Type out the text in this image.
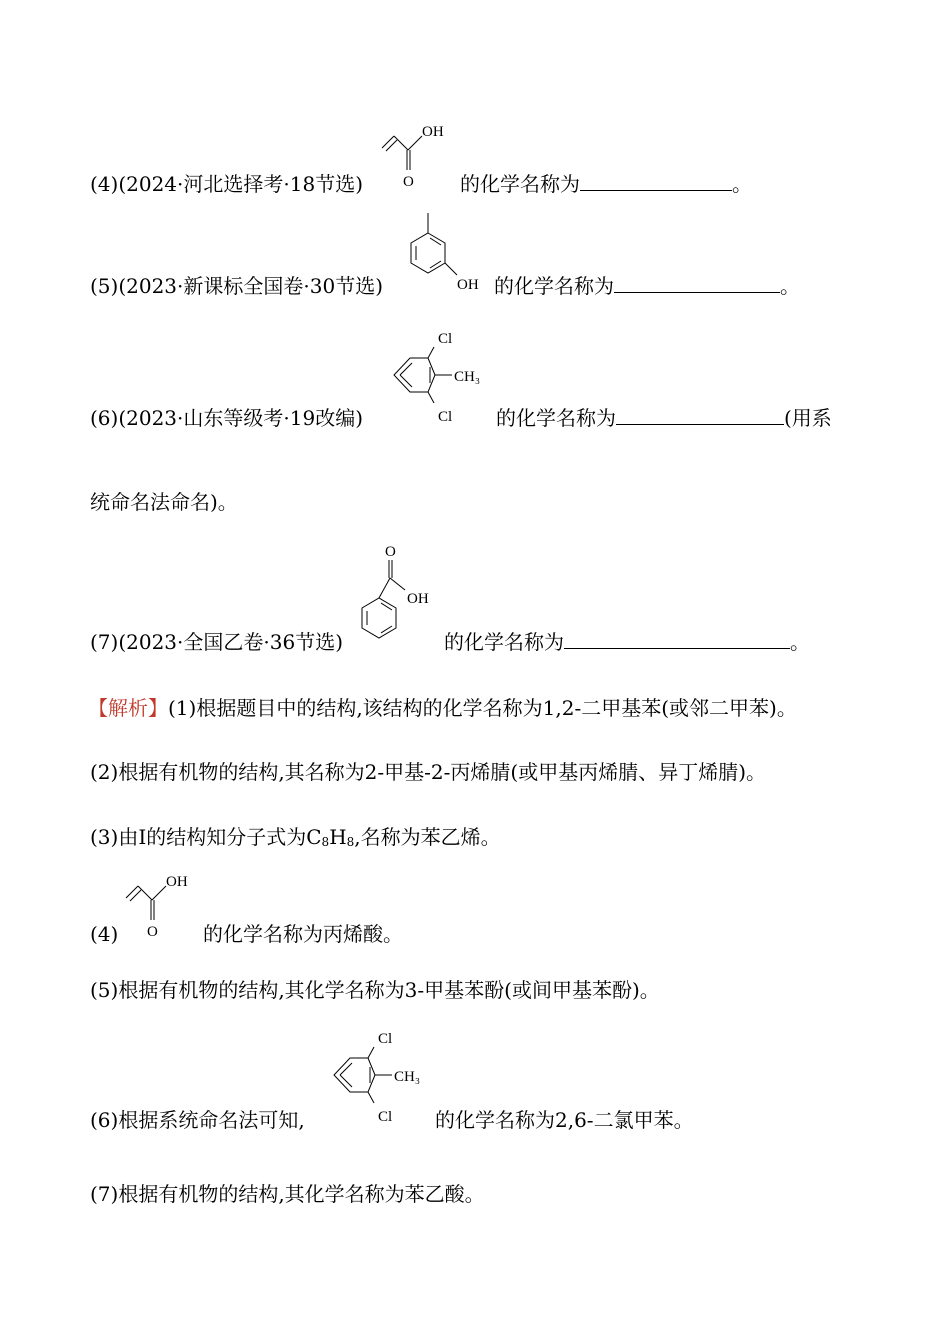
(4)(2024·河北选择考·18节选)
OH
O 的化学名称为	。
(5)(2023·新课标全国卷·30节选)	OH 的化学名称为	。
(6)(2023·山东等级考·19改编)
Cl
CH₃
Cl 的化学名称为	(用系
统命名法命名)。
(7)(2023·全国乙卷·36节选)
O
OH
的化学名称为	。
【解析】(1)根据题目中的结构,该结构的化学名称为1,2-二甲基苯(或邻二甲苯)。
(2)根据有机物的结构,其名称为2-甲基-2-丙烯腈(或甲基丙烯腈、异丁烯腈)。
(3)由Ⅰ的结构知分子式为$C_8H_8$,名称为苯乙烯。
(4)
OH
O 的化学名称为丙烯酸。
(5)根据有机物的结构,其化学名称为3-甲基苯酚(或间甲基苯酚)。
(6)根据系统命名法可知,
Cl
CH₃
Cl 的化学名称为2,6-二氯甲苯。
(7)根据有机物的结构,其化学名称为苯乙酸。
